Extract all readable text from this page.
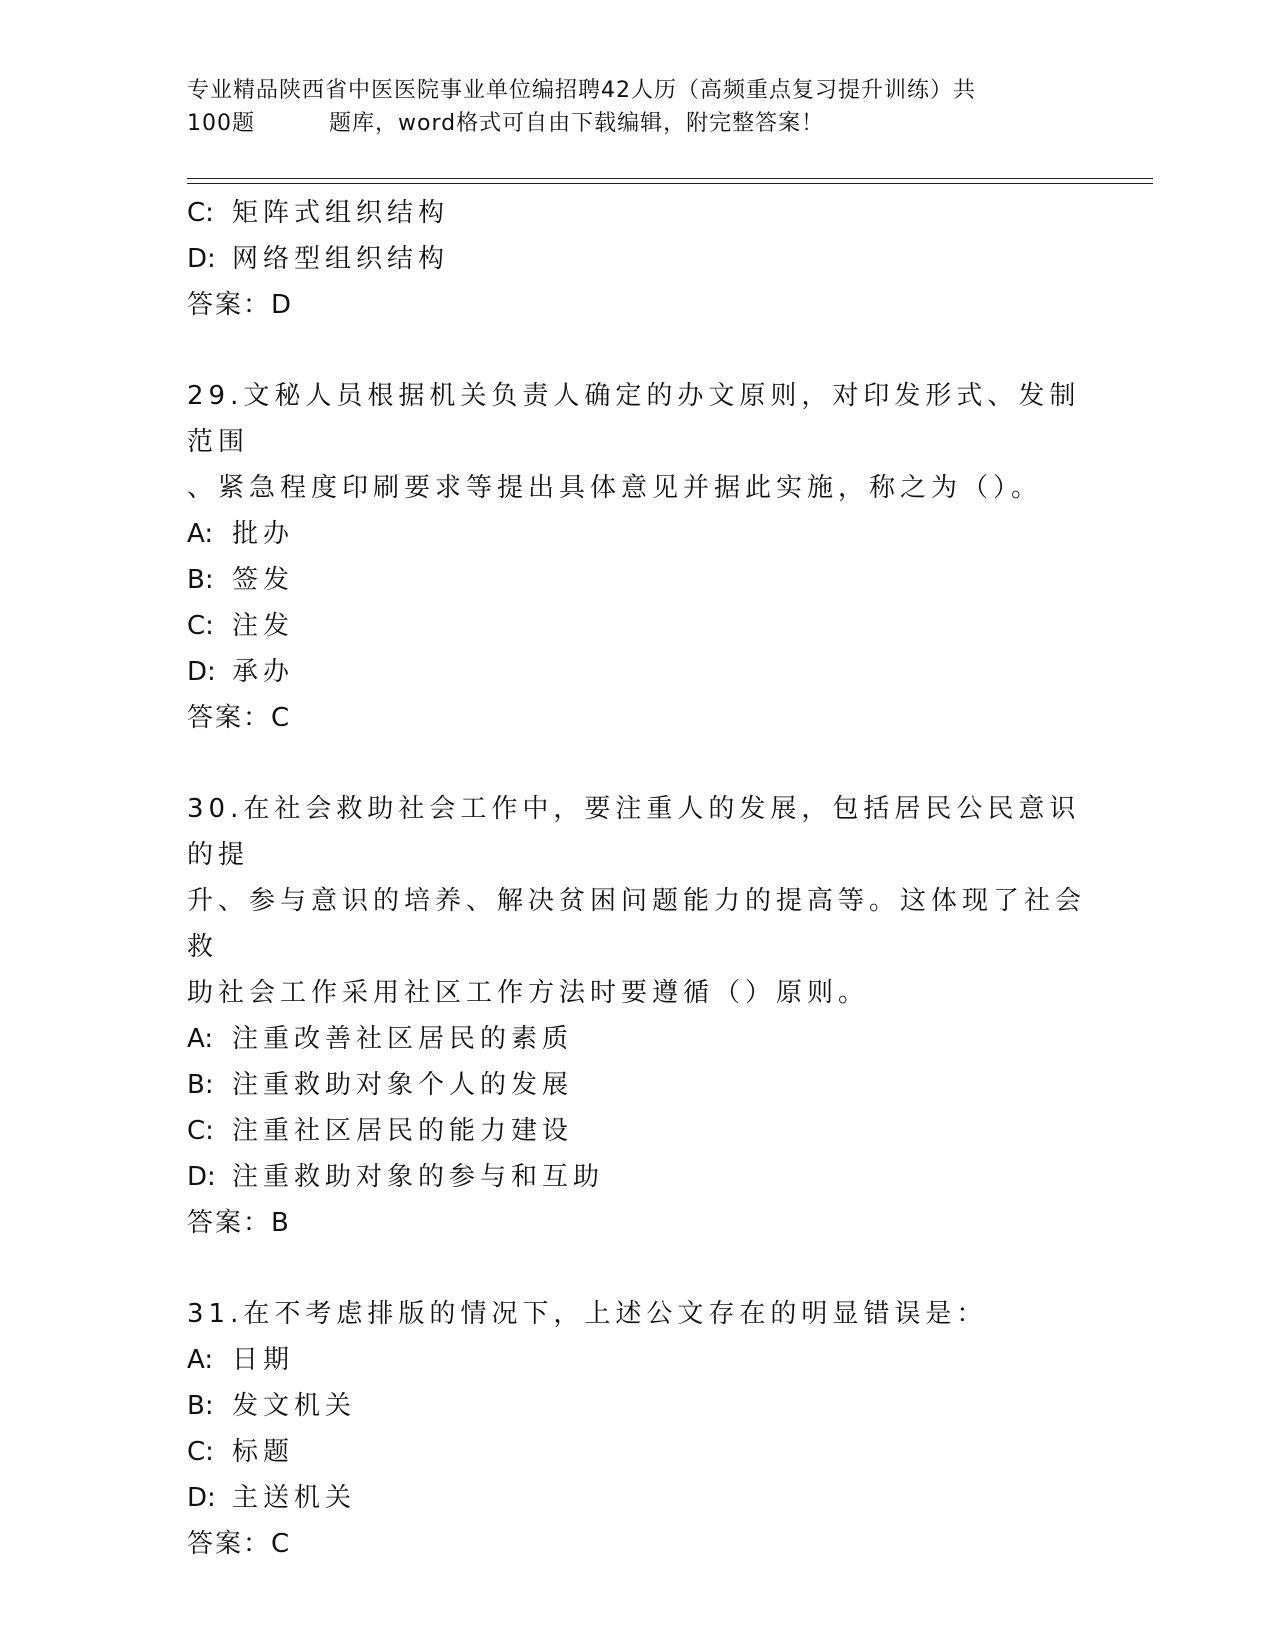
专业精品陕西省中医医院事业单位编招聘42人历（高频重点复习提升训练）共
100题	题库，word格式可自由下载编辑，附完整答案！
C: 矩阵式组织结构
D: 网络型组织结构
答案：D
29.文秘人员根据机关负责人确定的办文原则，对印发形式、发制范围
、紧急程度印刷要求等提出具体意见并据此实施，称之为（）。
A: 批办
B: 签发
C: 注发
D: 承办
答案：C
30.在社会救助社会工作中，要注重人的发展，包括居民公民意识的提
升、参与意识的培养、解决贫困问题能力的提高等。这体现了社会救
助社会工作采用社区工作方法时要遵循（）原则。
A: 注重改善社区居民的素质
B: 注重救助对象个人的发展
C: 注重社区居民的能力建设
D: 注重救助对象的参与和互助
答案：B
31.在不考虑排版的情况下，上述公文存在的明显错误是：
A: 日期
B: 发文机关
C: 标题
D: 主送机关
答案：C
